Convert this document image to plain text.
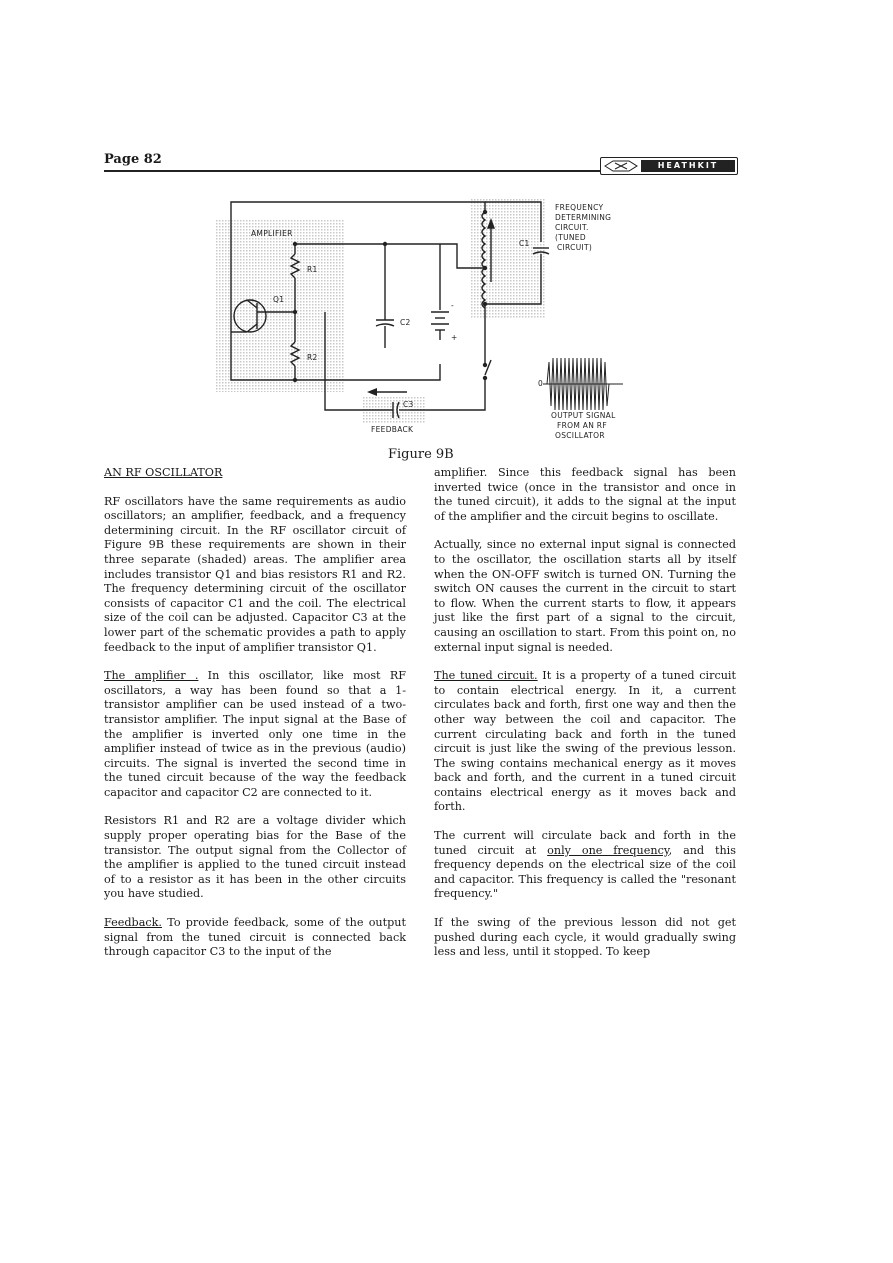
Page 82	HEATHKIT
AMPLIFIER
R1
R2
Q1
C1
C2
C3
FEEDBACK
-
+
0
FREQUENCY
DETERMINING
CIRCUIT.
(TUNED
CIRCUIT)
OUTPUT SIGNAL
FROM AN RF
OSCILLATOR
Figure 9B
AN RF OSCILLATOR

RF oscillators have the same requirements as audio oscillators; an amplifier, feedback, and a frequency determining circuit. In the RF oscillator circuit of Figure 9B these requirements are shown in their three separate (shaded) areas. The amplifier area includes transistor Q1 and bias resistors R1 and R2. The frequency determining circuit of the oscillator consists of capacitor C1 and the coil. The electrical size of the coil can be adjusted. Capacitor C3 at the lower part of the schematic provides a path to apply feedback to the input of amplifier transistor Q1.

The amplifier . In this oscillator, like most RF oscillators, a way has been found so that a 1-transistor amplifier can be used instead of a two-transistor amplifier. The input signal at the Base of the amplifier is inverted only one time in the amplifier instead of twice as in the previous (audio) circuits. The signal is inverted the second time in the tuned circuit because of the way the feedback capacitor and capacitor C2 are connected to it.

Resistors R1 and R2 are a voltage divider which supply proper operating bias for the Base of the transistor. The output signal from the Collector of the amplifier is applied to the tuned circuit instead of to a resistor as it has been in the other circuits you have studied.

Feedback. To provide feedback, some of the output signal from the tuned circuit is connected back through capacitor C3 to the input of the

amplifier. Since this feedback signal has been inverted twice (once in the transistor and once in the tuned circuit), it adds to the signal at the input of the amplifier and the circuit begins to oscillate.

Actually, since no external input signal is connected to the oscillator, the oscillation starts all by itself when the ON-OFF switch is turned ON. Turning the switch ON causes the current in the circuit to start to flow. When the current starts to flow, it appears just like the first part of a signal to the circuit, causing an oscillation to start. From this point on, no external input signal is needed.

The tuned circuit. It is a property of a tuned circuit to contain electrical energy. In it, a current circulates back and forth, first one way and then the other way between the coil and capacitor. The current circulating back and forth in the tuned circuit is just like the swing of the previous lesson. The swing contains mechanical energy as it moves back and forth, and the current in a tuned circuit contains electrical energy as it moves back and forth.

The current will circulate back and forth in the tuned circuit at only one frequency, and this frequency depends on the electrical size of the coil and capacitor. This frequency is called the "resonant frequency."

If the swing of the previous lesson did not get pushed during each cycle, it would gradually swing less and less, until it stopped. To keep
